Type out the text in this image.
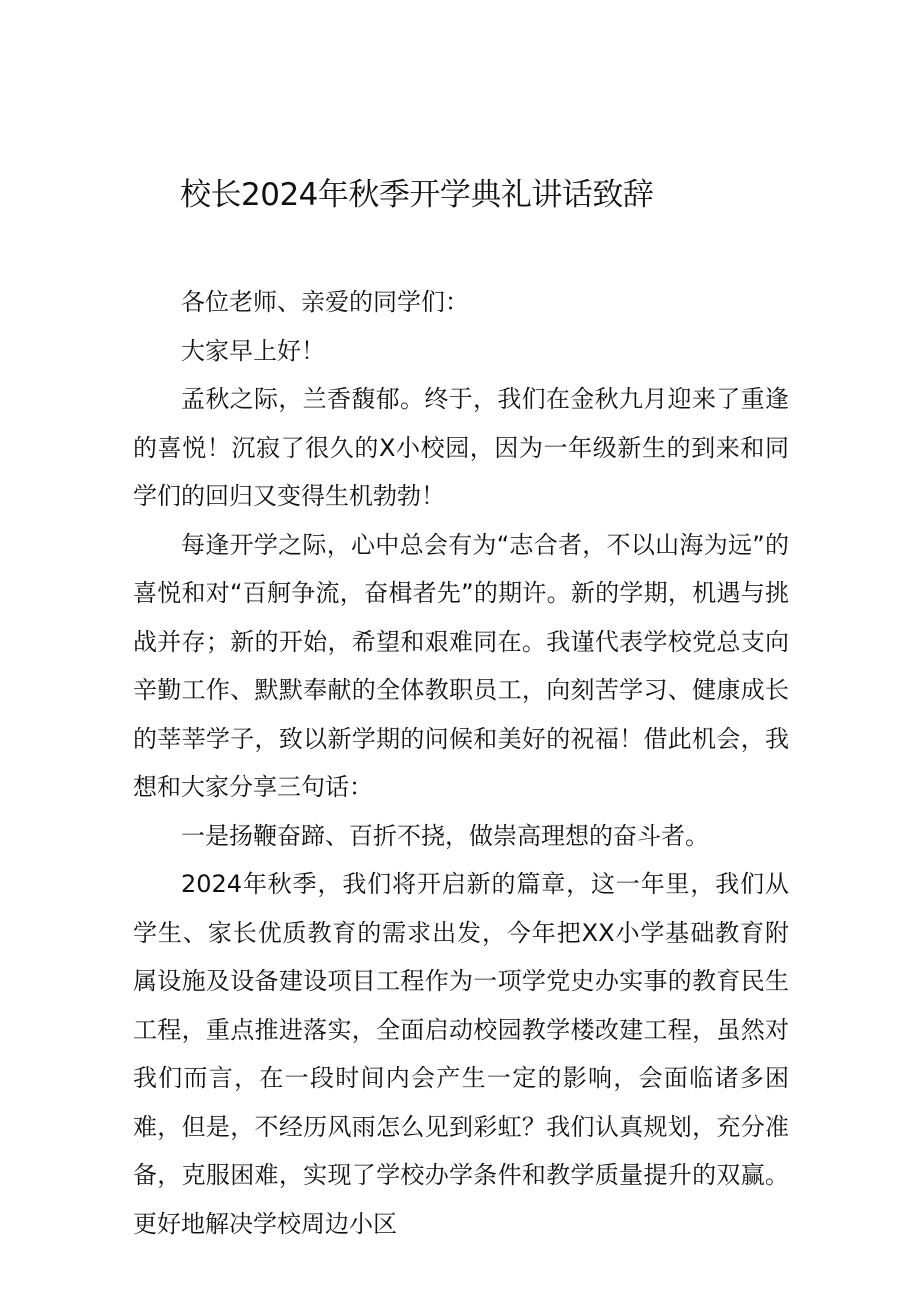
校长2024年秋季开学典礼讲话致辞

各位老师、亲爱的同学们：

大家早上好！

孟秋之际，兰香馥郁。终于，我们在金秋九月迎来了重逢的喜悦！沉寂了很久的X小校园，因为一年级新生的到来和同学们的回归又变得生机勃勃！

每逢开学之际，心中总会有为“志合者，不以山海为远”的喜悦和对“百舸争流，奋楫者先”的期许。新的学期，机遇与挑战并存；新的开始，希望和艰难同在。我谨代表学校党总支向辛勤工作、默默奉献的全体教职员工，向刻苦学习、健康成长的莘莘学子，致以新学期的问候和美好的祝福！借此机会，我想和大家分享三句话：

一是扬鞭奋蹄、百折不挠，做崇高理想的奋斗者。

2024年秋季，我们将开启新的篇章，这一年里，我们从学生、家长优质教育的需求出发，今年把XX小学基础教育附属设施及设备建设项目工程作为一项学党史办实事的教育民生工程，重点推进落实，全面启动校园教学楼改建工程，虽然对我们而言，在一段时间内会产生一定的影响，会面临诸多困难，但是，不经历风雨怎么见到彩虹？我们认真规划，充分准备，克服困难，实现了学校办学条件和教学质量提升的双赢。更好地解决学校周边小区
